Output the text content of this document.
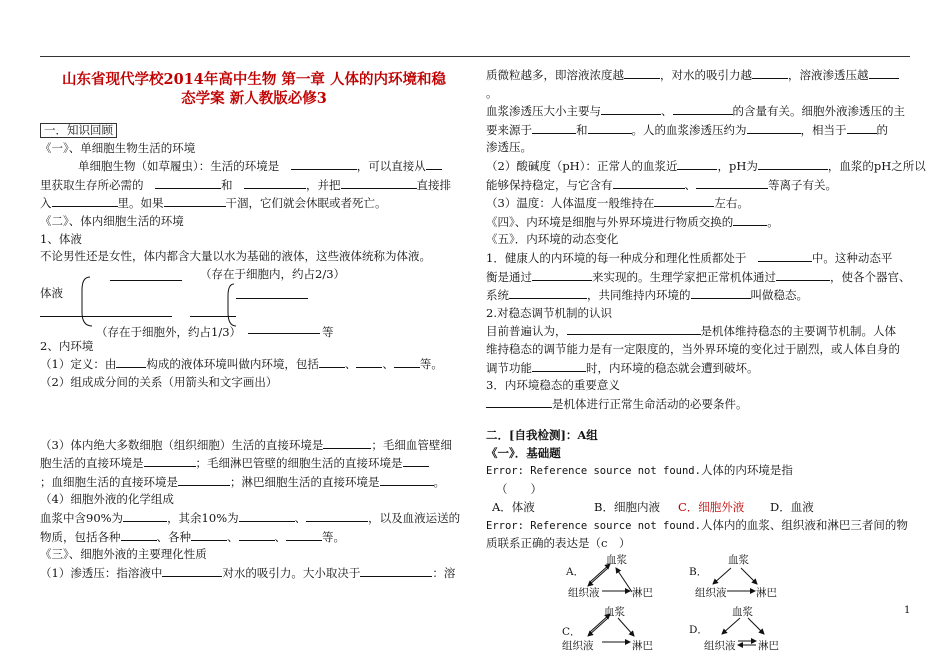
山东省现代学校2014年高中生物 第一章 人体的内环境和稳
态学案 新人教版必修3
一．知识回顾
《一》、单细胞生物生活的环境
单细胞生物（如草履虫）：生活的环境是　	，可以直接从
里获取生存所必需的　	和　	，并把	直接排
入	里。如果	干涸，它们就会休眠或者死亡。
《二》、体内细胞生活的环境
1、体液
不论男性还是女性，体内都含大量以水为基础的液体，这些液体统称为体液。
（存在于细胞内，约占2/3）
体液
（存在于细胞外，约占1/3）	等
2、内环境
（1）定义：由	构成的液体环境叫做内环境，包括 、 、 等。
（2）组成成分间的关系（用箭头和文字画出）
（3）体内绝大多数细胞（组织细胞）生活的直接环境是	；毛细血管壁细
胞生活的直接环境是	；毛细淋巴管壁的细胞生活的直接环境是
；血细胞生活的直接环境是	；淋巴细胞生活的直接环境是	。
（4）细胞外液的化学组成
血浆中含90%为	，其余10%为	、	，以及血液运送的
物质，包括各种	、各种	、	、	等。
《三》、细胞外液的主要理化性质
（1）渗透压：指溶液中	对水的吸引力。大小取决于	：溶
质微粒越多，即溶液浓度越	，对水的吸引力越	，溶液渗透压越
。
血浆渗透压大小主要与	、	的含量有关。细胞外液渗透压的主
要来源于	和	。人的血浆渗透压约为	，相当于	的
渗透压。
（2）酸碱度（pH）：正常人的血浆近	，pH为	，血浆的pH之所以
能够保持稳定，与它含有	、	等离子有关。
（3）温度：人体温度一般维持在	左右。
《四》、内环境是细胞与外界环境进行物质交换的	。
《五》．内环境的动态变化
1．健康人的内环境的每一种成分和理化性质都处于　	中。这种动态平
衡是通过	来实现的。生理学家把正常机体通过	，使各个器官、
系统	，共同维持内环境的	叫做稳态。
2.对稳态调节机制的认识
目前普遍认为，	是机体维持稳态的主要调节机制。人体
维持稳态的调节能力是有一定限度的，当外界环境的变化过于剧烈，或人体自身的
调节功能	时，内环境的稳态就会遭到破坏。
3．内环境稳态的重要意义
是机体进行正常生命活动的必要条件。
二．[自我检测]：A组
《一》．基础题
Error: Reference source not found.人体的内环境是指
（　　）
A．体液	B．细胞内液 C．细胞外液 D．血液
Error: Reference source not found.人体内的血浆、组织液和淋巴三者间的物
质联系正确的表达是（c　）
A．
血浆
组织液	淋巴
B．
血浆
组织液	淋巴
C．
血浆
组织液	淋巴
D．
血浆
组织液 淋巴
1
